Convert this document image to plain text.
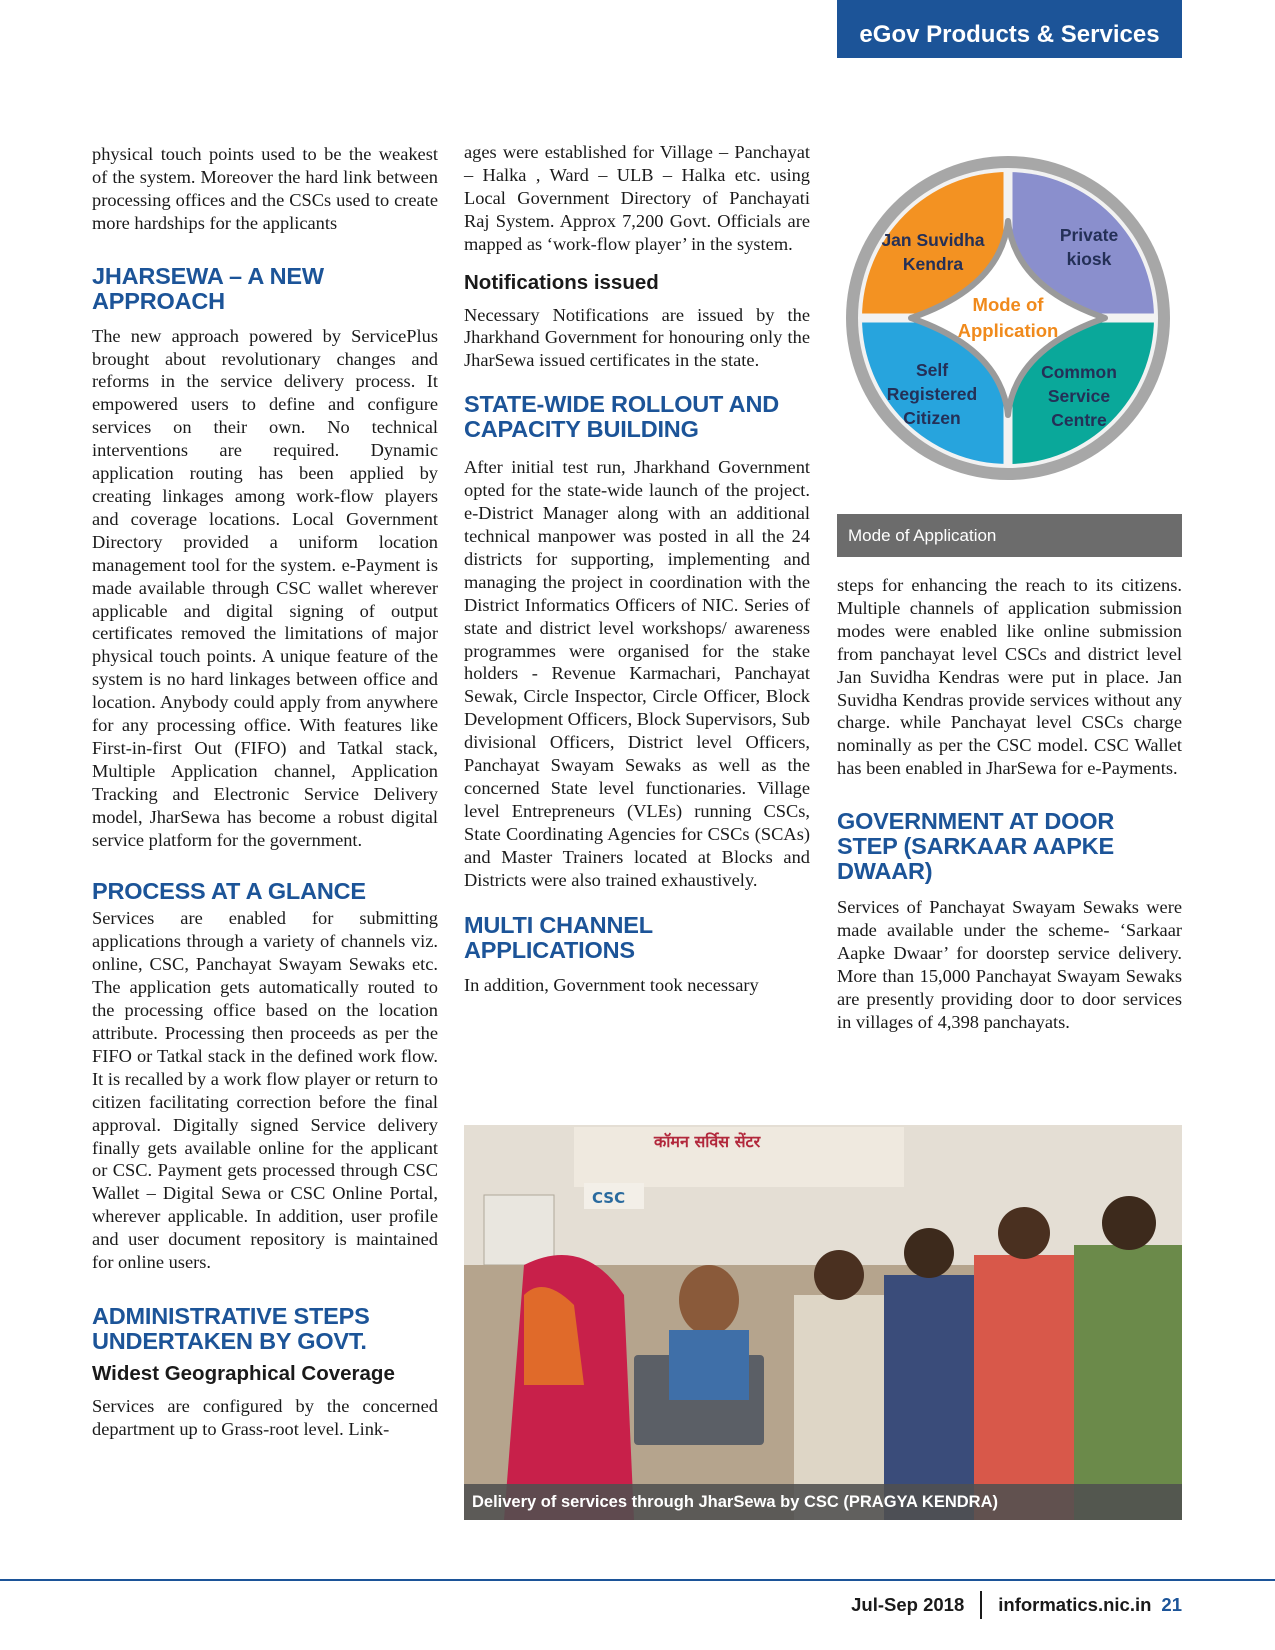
eGov Products & Services

physical touch points used to be the weakest of the system. Moreover the hard link between processing offices and the CSCs used to create more hardships for the applicants

JHARSEWA – A NEW APPROACH

The new approach powered by ServicePlus brought about revolutionary changes and reforms in the service delivery process. It empowered users to define and configure services on their own. No technical interventions are required. Dynamic application routing has been applied by creating linkages among work-flow players and coverage locations. Local Government Directory provided a uniform location management tool for the system. e-Payment is made available through CSC wallet wherever applicable and digital signing of output certificates removed the limitations of major physical touch points. A unique feature of the system is no hard linkages between office and location. Anybody could apply from anywhere for any processing office. With features like First-in-first Out (FIFO) and Tatkal stack, Multiple Application channel, Application Tracking and Electronic Service Delivery model, JharSewa has become a robust digital service platform for the government.

PROCESS AT A GLANCE

Services are enabled for submitting applications through a variety of channels viz. online, CSC, Panchayat Swayam Sewaks etc. The application gets automatically routed to the processing office based on the location attribute. Processing then proceeds as per the FIFO or Tatkal stack in the defined work flow. It is recalled by a work flow player or return to citizen facilitating correction before the final approval. Digitally signed Service delivery finally gets available online for the applicant or CSC. Payment gets processed through CSC Wallet – Digital Sewa or CSC Online Portal, wherever applicable. In addition, user profile and user document repository is maintained for online users.

ADMINISTRATIVE STEPS
UNDERTAKEN BY GOVT.
Widest Geographical Coverage

Services are configured by the concerned department up to Grass-root level. Link-

ages were established for Village – Panchayat – Halka , Ward – ULB – Halka etc. using Local Government Directory of Panchayati Raj System. Approx 7,200 Govt. Officials are mapped as ‘work-flow player’ in the system.

Notifications issued

Necessary Notifications are issued by the Jharkhand Government for honouring only the JharSewa issued certificates in the state.

STATE-WIDE ROLLOUT AND
CAPACITY BUILDING

After initial test run, Jharkhand Government opted for the state-wide launch of the project. e-District Manager along with an additional technical manpower was posted in all the 24 districts for supporting, implementing and managing the project in coordination with the District Informatics Officers of NIC. Series of state and district level workshops/ awareness programmes were organised for the stake holders - Revenue Karmachari, Panchayat Sewak, Circle Inspector, Circle Officer, Block Development Officers, Block Supervisors, Sub divisional Officers, District level Officers, Panchayat Swayam Sewaks as well as the concerned State level functionaries. Village level Entrepreneurs (VLEs) running CSCs, State Coordinating Agencies for CSCs (SCAs) and Master Trainers located at Blocks and Districts were also trained exhaustively.

MULTI CHANNEL APPLICATIONS

In addition, Government took necessary

Jan Suvidha
Kendra
Private
kiosk
Self
Registered
Citizen
Common
Service
Centre
Mode of
Application
Mode of Application

steps for enhancing the reach to its citizens. Multiple channels of application submission modes were enabled like online submission from panchayat level CSCs and district level Jan Suvidha Kendras were put in place. Jan Suvidha Kendras provide services without any charge. while Panchayat level CSCs charge nominally as per the CSC model. CSC Wallet has been enabled in JharSewa for e-Payments.

GOVERNMENT AT DOOR
STEP (SARKAAR AAPKE
DWAAR)

Services of Panchayat Swayam Sewaks were made available under the scheme- ‘Sarkaar Aapke Dwaar’ for doorstep service delivery. More than 15,000 Panchayat Swayam Sewaks are presently providing door to door services in villages of 4,398 panchayats.

कॉमन सर्विस सेंटर
CSC
Delivery of services through JharSewa by CSC (PRAGYA KENDRA)
Jul-Sep 2018 informatics.nic.in 21
